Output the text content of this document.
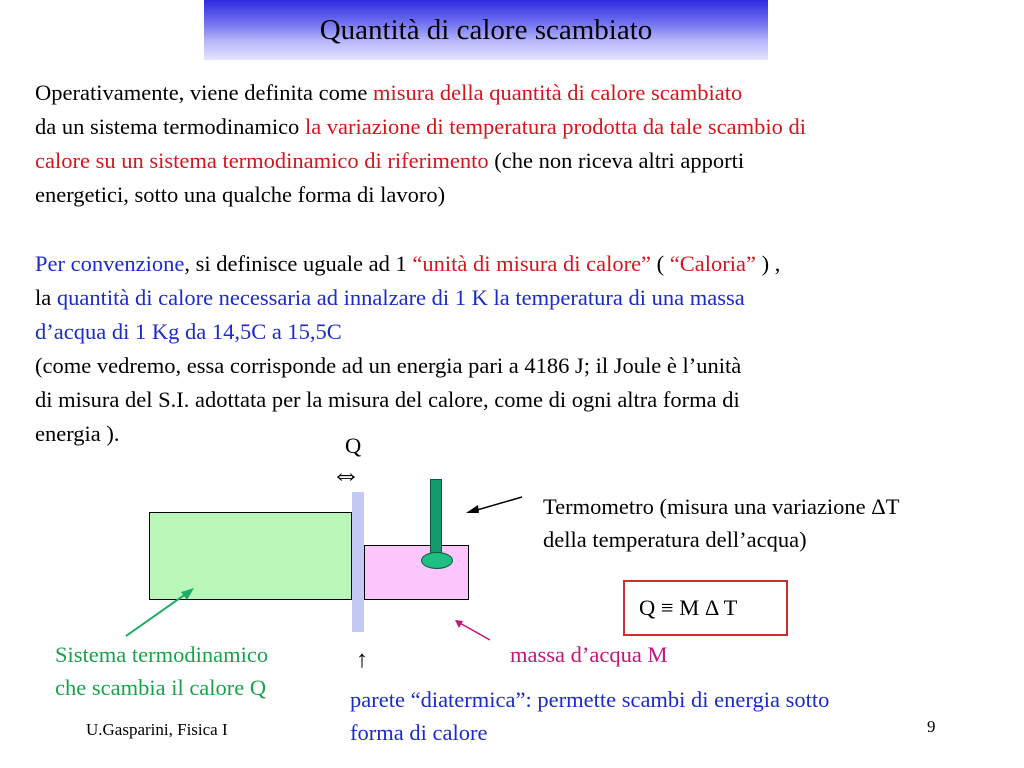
Quantità di calore scambiato
Operativamente, viene definita come misura della quantità di calore scambiato
da un sistema termodinamico la variazione di temperatura prodotta da tale scambio di
calore su un sistema termodinamico di riferimento (che non riceva altri apporti
energetici, sotto una qualche forma di lavoro)
Per convenzione, si definisce uguale ad 1 “unità di misura di calore” ( “Caloria” ) ,
la quantità di calore necessaria ad innalzare di 1 K la temperatura di una massa
d’acqua di 1 Kg da 14,5C a 15,5C
(come vedremo, essa corrisponde ad un energia pari a 4186 J; il Joule è l’unità
di misura del S.I. adottata per la misura del calore, come di ogni altra forma di
energia ).	Q
⇔
Termometro (misura una variazione ΔT
della temperatura dell’acqua)
Q ≡ M Δ T
Sistema termodinamico
che scambia il calore Q
↑	massa d’acqua M
parete “diatermica”: permette scambi di energia sotto
forma di calore
U.Gasparini, Fisica I	9
